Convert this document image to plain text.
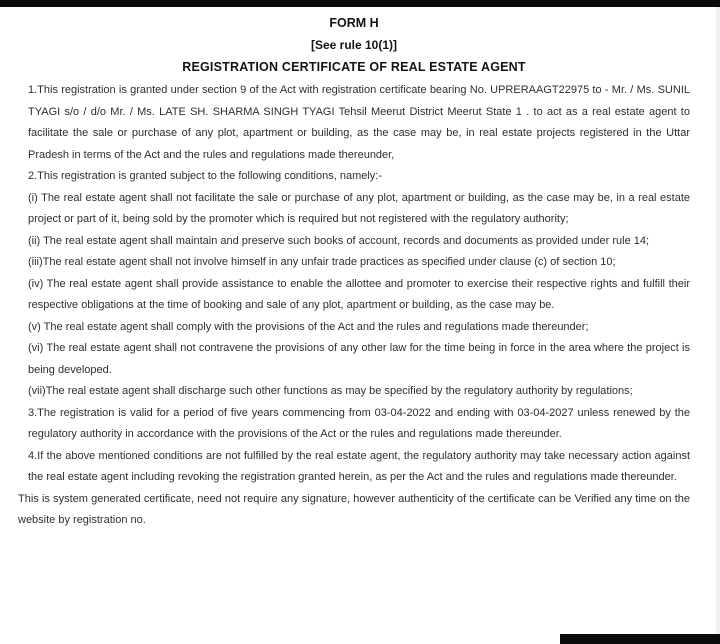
FORM H
[See rule 10(1)]
REGISTRATION CERTIFICATE OF REAL ESTATE AGENT

1.This registration is granted under section 9 of the Act with registration certificate bearing No. UPRERAAGT22975 to - Mr. / Ms. SUNIL TYAGI s/o / d/o Mr. / Ms. LATE SH. SHARMA SINGH TYAGI Tehsil Meerut District Meerut State 1 . to act as a real estate agent to facilitate the sale or purchase of any plot, apartment or building, as the case may be, in real estate projects registered in the Uttar Pradesh in terms of the Act and the rules and regulations made thereunder,

2.This registration is granted subject to the following conditions, namely:-

(i) The real estate agent shall not facilitate the sale or purchase of any plot, apartment or building, as the case may be, in a real estate project or part of it, being sold by the promoter which is required but not registered with the regulatory authority;

(ii) The real estate agent shall maintain and preserve such books of account, records and documents as provided under rule 14;

(iii)The real estate agent shall not involve himself in any unfair trade practices as specified under clause (c) of section 10;

(iv) The real estate agent shall provide assistance to enable the allottee and promoter to exercise their respective rights and fulfill their respective obligations at the time of booking and sale of any plot, apartment or building, as the case may be.

(v) The real estate agent shall comply with the provisions of the Act and the rules and regulations made thereunder;

(vi) The real estate agent shall not contravene the provisions of any other law for the time being in force in the area where the project is being developed.

(vii)The real estate agent shall discharge such other functions as may be specified by the regulatory authority by regulations;

3.The registration is valid for a period of five years commencing from 03-04-2022 and ending with 03-04-2027 unless renewed by the regulatory authority in accordance with the provisions of the Act or the rules and regulations made thereunder.

4.If the above mentioned conditions are not fulfilled by the real estate agent, the regulatory authority may take necessary action against the real estate agent including revoking the registration granted herein, as per the Act and the rules and regulations made thereunder.

This is system generated certificate, need not require any signature, however authenticity of the certificate can be Verified any time on the website by registration no.
